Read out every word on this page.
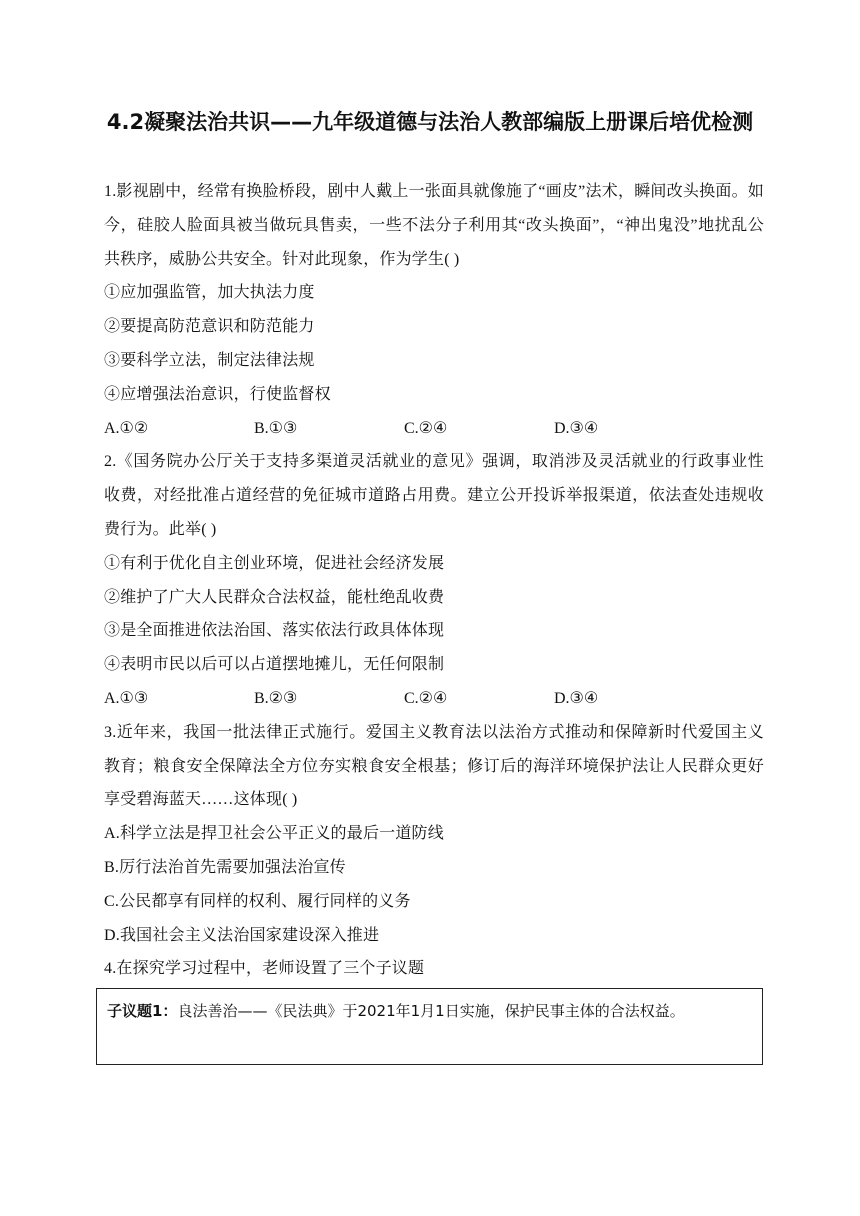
4.2凝聚法治共识——九年级道德与法治人教部编版上册课后培优检测
1.影视剧中，经常有换脸桥段，剧中人戴上一张面具就像施了“画皮”法术，瞬间改头换面。如今，硅胶人脸面具被当做玩具售卖，一些不法分子利用其“改头换面”，“神出鬼没”地扰乱公共秩序，威胁公共安全。针对此现象，作为学生( )
①应加强监管，加大执法力度
②要提高防范意识和防范能力
③要科学立法，制定法律法规
④应增强法治意识，行使监督权
A.①②	B.①③	C.②④	D.③④
2.《国务院办公厅关于支持多渠道灵活就业的意见》强调，取消涉及灵活就业的行政事业性收费，对经批准占道经营的免征城市道路占用费。建立公开投诉举报渠道，依法查处违规收费行为。此举( )
①有利于优化自主创业环境，促进社会经济发展
②维护了广大人民群众合法权益，能杜绝乱收费
③是全面推进依法治国、落实依法行政具体体现
④表明市民以后可以占道摆地摊儿，无任何限制
A.①③	B.②③	C.②④	D.③④
3.近年来，我国一批法律正式施行。爱国主义教育法以法治方式推动和保障新时代爱国主义教育；粮食安全保障法全方位夯实粮食安全根基；修订后的海洋环境保护法让人民群众更好享受碧海蓝天……这体现( )
A.科学立法是捍卫社会公平正义的最后一道防线
B.厉行法治首先需要加强法治宣传
C.公民都享有同样的权利、履行同样的义务
D.我国社会主义法治国家建设深入推进
4.在探究学习过程中，老师设置了三个子议题
子议题1：良法善治——《民法典》于2021年1月1日实施，保护民事主体的合法权益。
